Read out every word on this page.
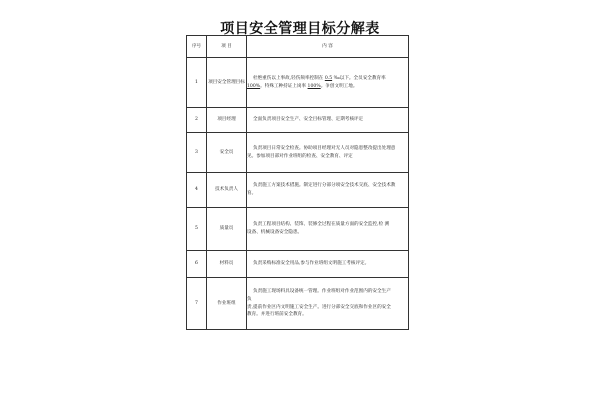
项目安全管理目标分解表
序号	项 目	内 容
1	项目安全管理目标	杜绝重伤以上事故,轻伤频率控制在 0.5 ‰以下。全员安全教育率
100%。特殊工种持证上岗率 100%。争创文明工地。

2	项目经理	全面负责项目安全生产、安全目标管理、定期考核评定

3	安全员	负责项目日常安全检查。协助项目经理对无人员对隐患整改提出处理意
见。参加项目部对作业班组的检查、安全教育、评定

4	技术负责人	负责施工方案技术措施。制定进行分部分项安全技术交底、安全技术教
育。

5	质量员	负责工程项目结构、装饰、装修全过程在质量方面的安全监控,检 测
设备、机械设备安全隐患。

6	材料员	负责采购标准安全用品,参与作业班组文明施工考核评定。

7	作业班组	负责施工现场料具设备统一管理。作业班组对作业范围内的安全生产
负
责,提前作业区内文明施工安全生产。进行分部安全交底和作业区的安全
教育。并进行班前安全教育。
